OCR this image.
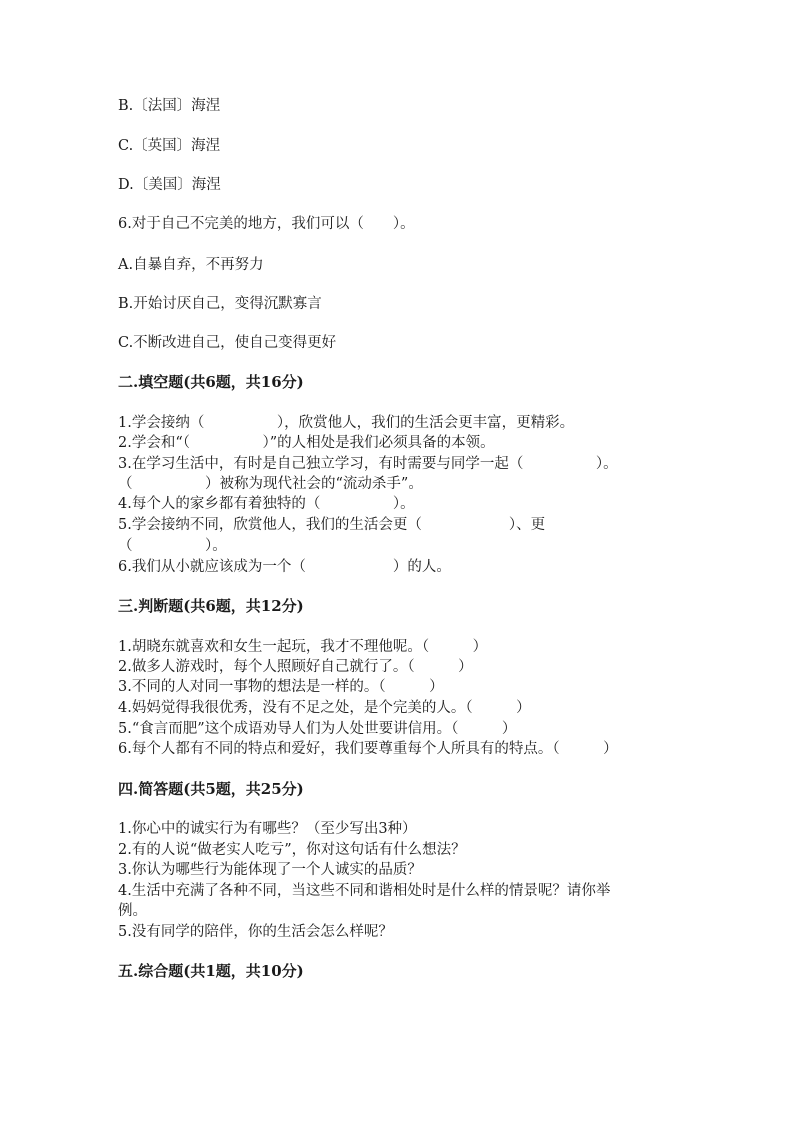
B.〔法国〕海涅
C.〔英国〕海涅
D.〔美国〕海涅
6.对于自己不完美的地方，我们可以（　　）。
A.自暴自弃，不再努力
B.开始讨厌自己，变得沉默寡言
C.不断改进自己，使自己变得更好
二.填空题(共6题，共16分)
1.学会接纳（　　　　　），欣赏他人，我们的生活会更丰富，更精彩。
2.学会和“（　　　　　）”的人相处是我们必须具备的本领。
3.在学习生活中，有时是自己独立学习，有时需要与同学一起（　　　　　）。
（　　　　　）被称为现代社会的“流动杀手”。
4.每个人的家乡都有着独特的（　　　　　）。
5.学会接纳不同，欣赏他人，我们的生活会更（　　　　　　）、更
（　　　　　）。
6.我们从小就应该成为一个（　　　　　　）的人。
三.判断题(共6题，共12分)
1.胡晓东就喜欢和女生一起玩，我才不理他呢。（　　　）
2.做多人游戏时，每个人照顾好自己就行了。（　　　）
3.不同的人对同一事物的想法是一样的。（　　　）
4.妈妈觉得我很优秀，没有不足之处，是个完美的人。（　　　）
5.“食言而肥”这个成语劝导人们为人处世要讲信用。（　　　）
6.每个人都有不同的特点和爱好，我们要尊重每个人所具有的特点。（　　　）
四.简答题(共5题，共25分)
1.你心中的诚实行为有哪些？（至少写出3种）
2.有的人说“做老实人吃亏”，你对这句话有什么想法？
3.你认为哪些行为能体现了一个人诚实的品质？
4.生活中充满了各种不同，当这些不同和谐相处时是什么样的情景呢？请你举
例。
5.没有同学的陪伴，你的生活会怎么样呢？
五.综合题(共1题，共10分)
